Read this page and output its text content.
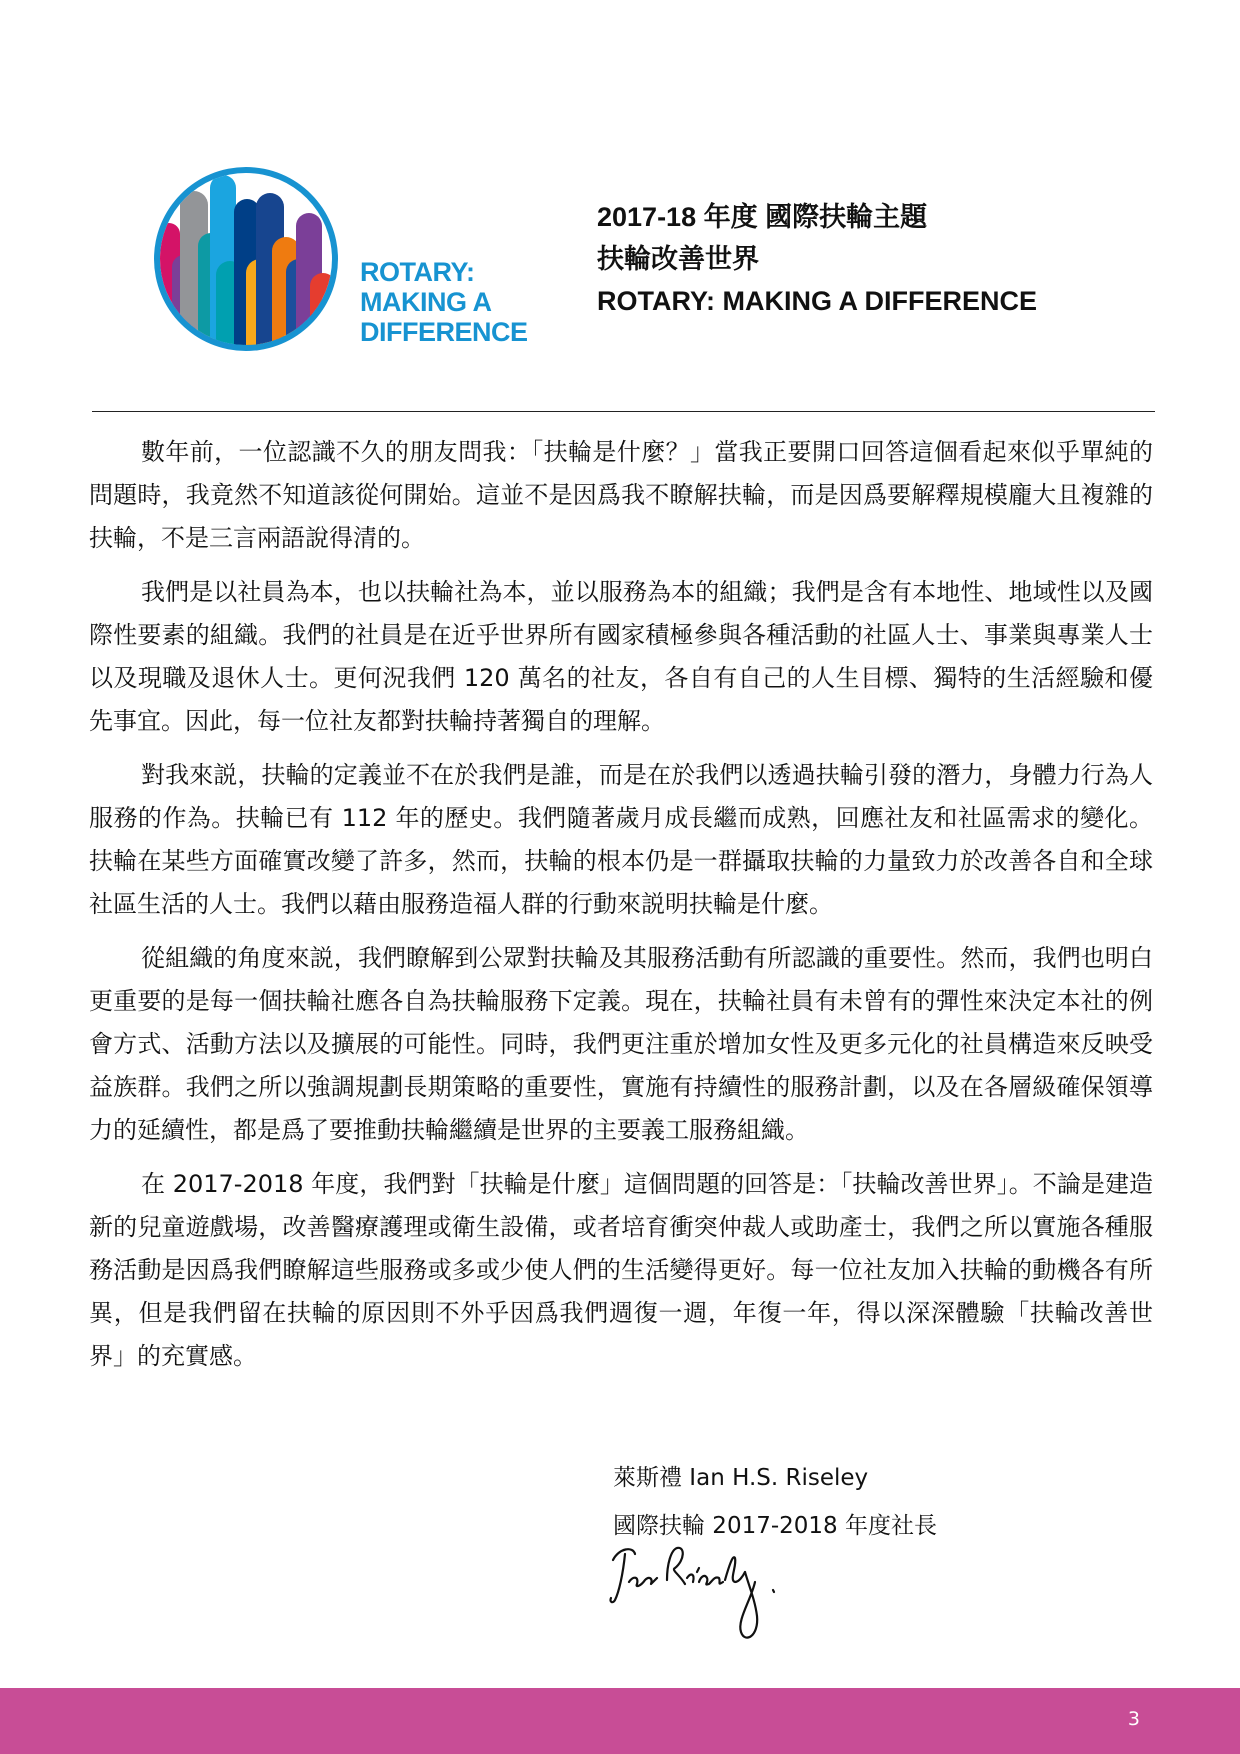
ROTARY:
MAKING A
DIFFERENCE
2017-18 年度 國際扶輪主題
扶輪改善世界
ROTARY: MAKING A DIFFERENCE

數年前，一位認識不久的朋友問我：「扶輪是什麼？」當我正要開口回答這個看起來似乎單純的問題時，我竟然不知道該從何開始。這並不是因爲我不瞭解扶輪，而是因爲要解釋規模龐大且複雜的扶輪，不是三言兩語說得清的。

我們是以社員為本，也以扶輪社為本，並以服務為本的組織；我們是含有本地性、地域性以及國際性要素的組織。我們的社員是在近乎世界所有國家積極參與各種活動的社區人士、事業與專業人士以及現職及退休人士。更何況我們 120 萬名的社友，各自有自己的人生目標、獨特的生活經驗和優先事宜。因此，每一位社友都對扶輪持著獨自的理解。

對我來説，扶輪的定義並不在於我們是誰，而是在於我們以透過扶輪引發的潛力，身體力行為人服務的作為。扶輪已有 112 年的歷史。我們隨著歲月成長繼而成熟，回應社友和社區需求的變化。扶輪在某些方面確實改變了許多，然而，扶輪的根本仍是一群攝取扶輪的力量致力於改善各自和全球社區生活的人士。我們以藉由服務造福人群的行動來説明扶輪是什麼。

從組織的角度來説，我們瞭解到公眾對扶輪及其服務活動有所認識的重要性。然而，我們也明白更重要的是每一個扶輪社應各自為扶輪服務下定義。現在，扶輪社員有未曾有的彈性來決定本社的例會方式、活動方法以及擴展的可能性。同時，我們更注重於增加女性及更多元化的社員構造來反映受益族群。我們之所以強調規劃長期策略的重要性，實施有持續性的服務計劃，以及在各層級確保領導力的延續性，都是爲了要推動扶輪繼續是世界的主要義工服務組織。

在 2017-2018 年度，我們對「扶輪是什麼」這個問題的回答是：「扶輪改善世界」。不論是建造新的兒童遊戲場，改善醫療護理或衛生設備，或者培育衝突仲裁人或助產士，我們之所以實施各種服務活動是因爲我們瞭解這些服務或多或少使人們的生活變得更好。每一位社友加入扶輪的動機各有所異，但是我們留在扶輪的原因則不外乎因爲我們週復一週，年復一年，得以深深體驗「扶輪改善世界」的充實感。

萊斯禮 Ian H.S. Riseley
國際扶輪 2017-2018 年度社長
3
